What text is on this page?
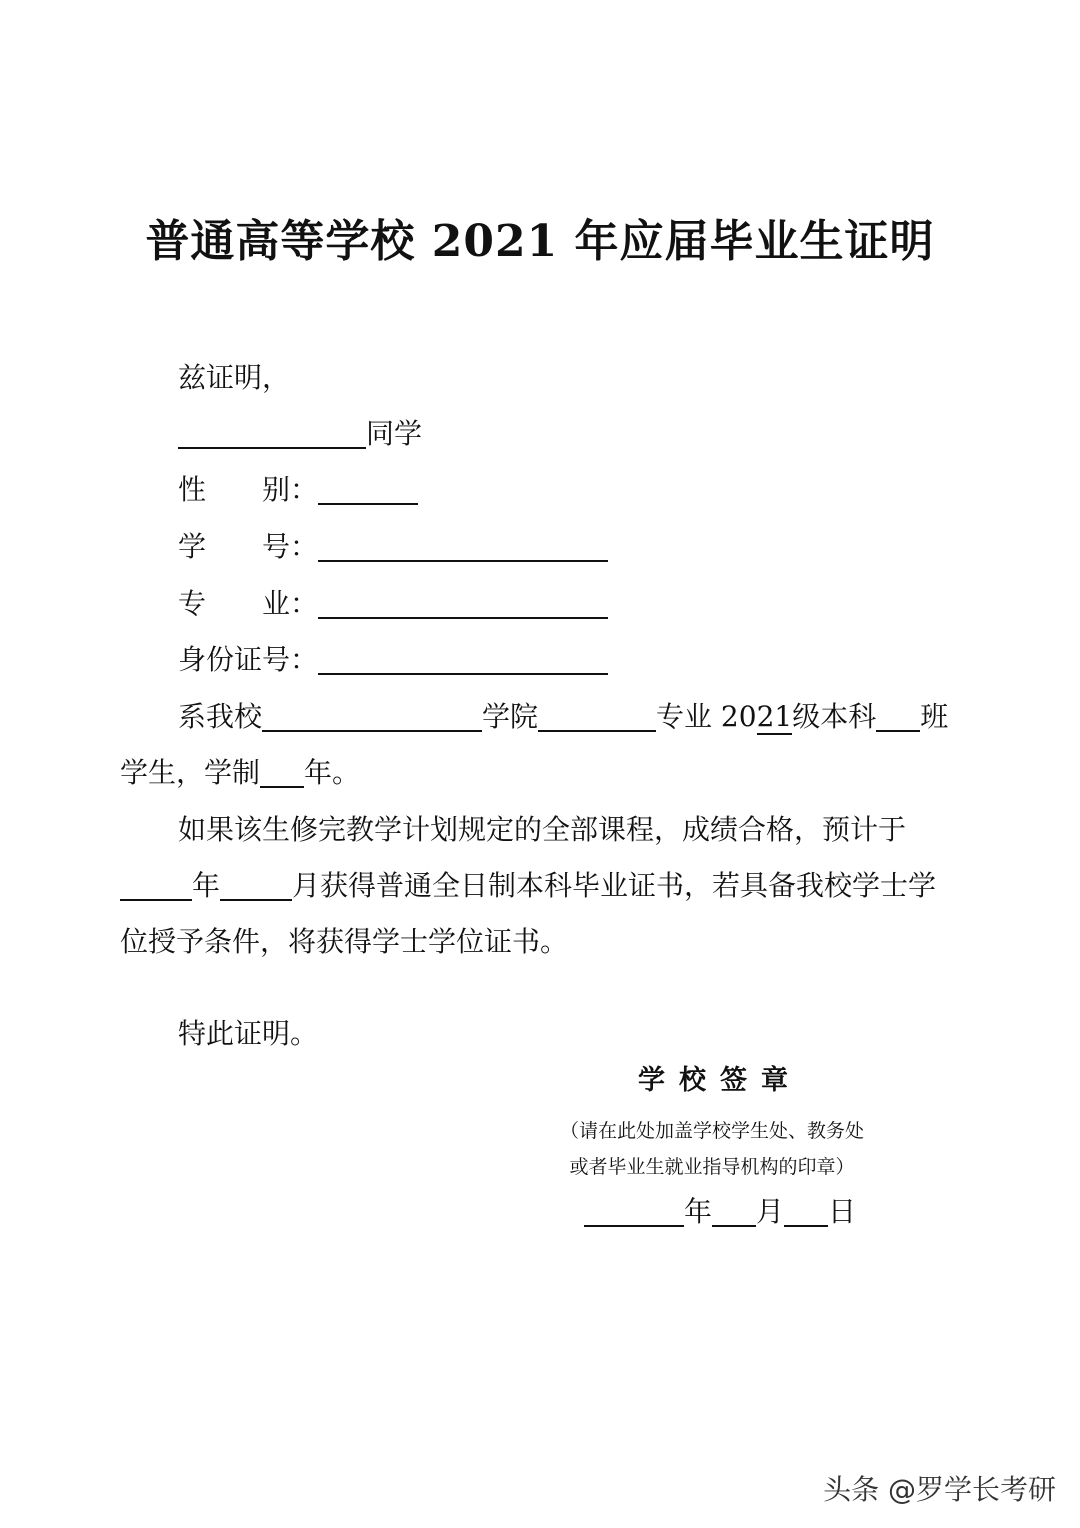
普通高等学校 2021 年应届毕业生证明
兹证明，
同学
性　　别：
学　　号：
专　　业：
身份证号：
系我校	学院	专业 2021级本科 班
学生，学制 年。
如果该生修完教学计划规定的全部课程，成绩合格，预计于
年	月获得普通全日制本科毕业证书，若具备我校学士学
位授予条件，将获得学士学位证书。
特此证明。
学校签章
（请在此处加盖学校学生处、教务处
或者毕业生就业指导机构的印章）
年 月 日
头条 @罗学长考研
